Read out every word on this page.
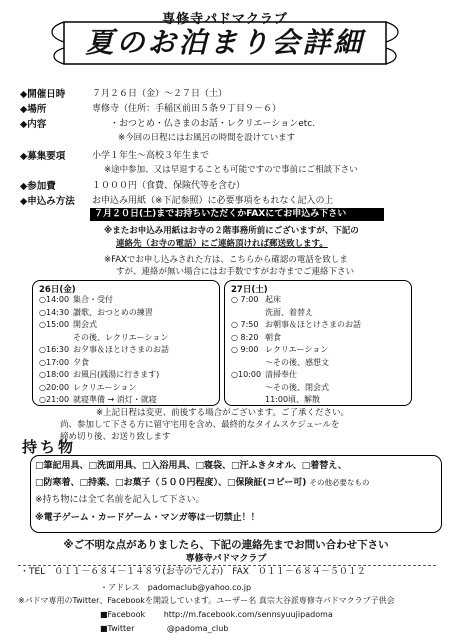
専修寺パドマクラブ
夏のお泊まり会詳細
◆開催日時	７月２６日（金）～２７日（土）
◆場所	専修寺（住所：手稲区前田５条９丁目９－６）
◆内容	・おつとめ・仏さまのお話・レクリエーションetc.
※今回の日程にはお風呂の時間を設けています
◆募集要項	小学１年生～高校３年生まで
※途中参加、又は早退することも可能ですので事前にご相談下さい
◆参加費	１０００円（食費、保険代等を含む）
◆申込み方法 お申込み用紙（※下記参照）に必要事項をもれなく記入の上
７月２０日(土)までお持ちいただくかFAXにてお申込み下さい
※またお申込み用紙はお寺の２階事務所前にございますが、下記の
連絡先（お寺の電話）にご連絡頂ければ郵送致します。
※FAXでお申し込みされた方は、こちらから確認の電話を致しま
すが、連絡が無い場合にはお手数ですがお寺までご連絡下さい
26日(金)
○14:00 集合・受付
○14:30 讃歌、おつとめの練習
○15:00 開会式
その後、レクリエーション
○16:30 お夕事＆ほとけさまのお話
○17:00 夕食
○18:00 お風呂(銭湯に行きます)
○20:00 レクリエーション
○21:00 就寝準備 → 消灯・就寝
27日(土)
○ 7:00 起床
洗面、着替え
○ 7:50 お朝事＆ほとけさまのお話
○ 8:20 朝食
○ 9:00 レクリエーション
～その後、感想文
○10:00 清掃奉仕
～その後、閉会式
11:00頃、解散
※上記日程は変更、前後する場合がございます。ご了承ください。
尚、参加して下さる方に留守宅用を含め、最終的なタイムスケジュールを
締め切り後、お送り致します
持ち物
□筆記用具、□洗面用具、□入浴用具、□寝袋、□汗ふきタオル、□着替え、
□防寒着、□持薬、□お菓子（５００円程度）、□保険証(コピー可) その他必要なもの
※持ち物には全て名前を記入して下さい。
※電子ゲーム・カードゲーム・マンガ等は一切禁止！！
※ご不明な点がありましたら、下記の連絡先までお問い合わせ下さい
専修寺パドマクラブ
・TEL　０１１－６８４－１４８９(お寺のでんわ)　FAX　０１１－６８４－５０１２
・アドレス　padomaclub@yahoo.co.jp
※パドマ専用のTwitter、Facebookを開設しています。ユーザー名 真宗大谷派専修寺パドマクラブ子供会
■Facebook http://m.facebook.com/sennsyuujipadoma
■Twitter	@padoma_club
